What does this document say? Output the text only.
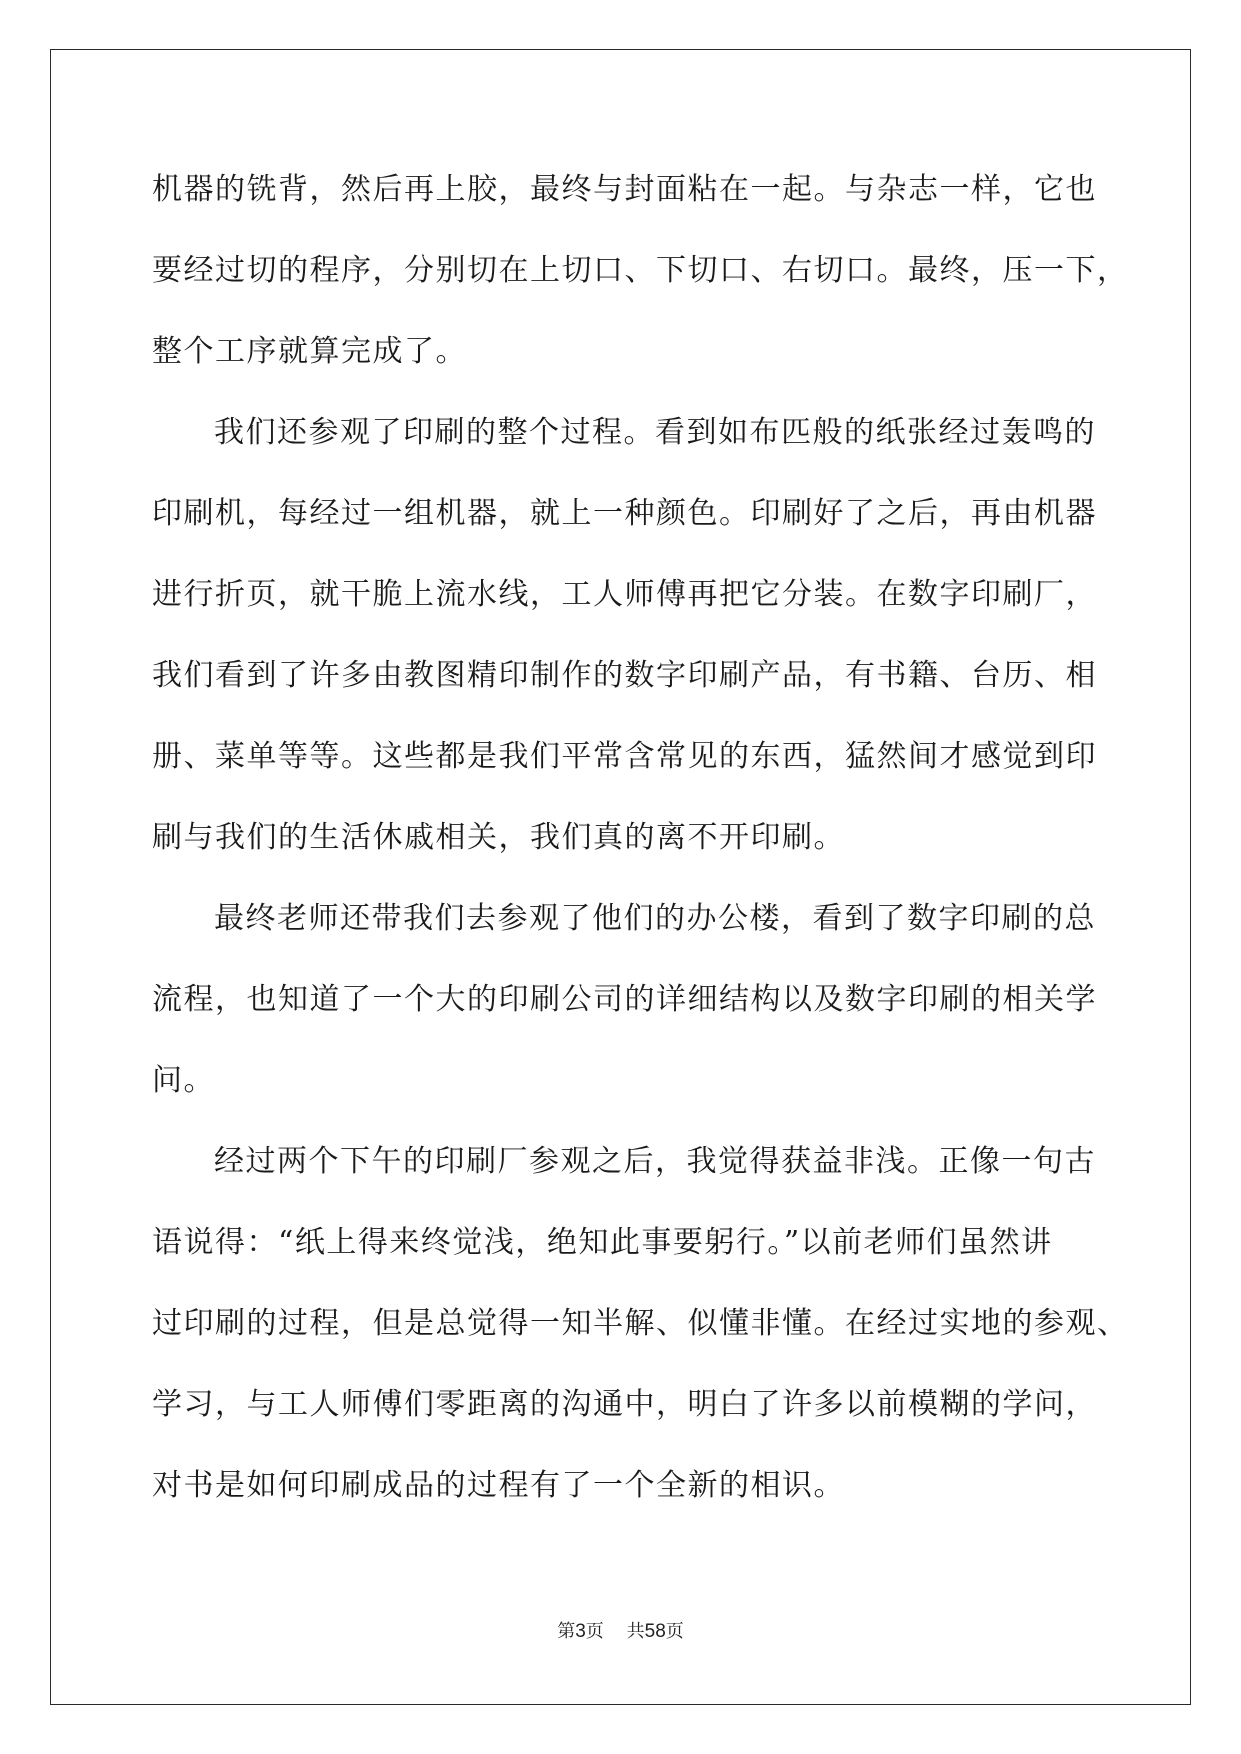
机器的铣背，然后再上胶，最终与封面粘在一起。与杂志一样，它也
要经过切的程序，分别切在上切口、下切口、右切口。最终，压一下，
整个工序就算完成了。
我们还参观了印刷的整个过程。看到如布匹般的纸张经过轰鸣的
印刷机，每经过一组机器，就上一种颜色。印刷好了之后，再由机器
进行折页，就干脆上流水线，工人师傅再把它分装。在数字印刷厂，
我们看到了许多由教图精印制作的数字印刷产品，有书籍、台历、相
册、菜单等等。这些都是我们平常含常见的东西，猛然间才感觉到印
刷与我们的生活休戚相关，我们真的离不开印刷。
最终老师还带我们去参观了他们的办公楼，看到了数字印刷的总
流程，也知道了一个大的印刷公司的详细结构以及数字印刷的相关学
问。
经过两个下午的印刷厂参观之后，我觉得获益非浅。正像一句古
语说得：“纸上得来终觉浅，绝知此事要躬行。”以前老师们虽然讲
过印刷的过程，但是总觉得一知半解、似懂非懂。在经过实地的参观、
学习，与工人师傅们零距离的沟通中，明白了许多以前模糊的学问，
对书是如何印刷成品的过程有了一个全新的相识。
第3页 共58页
